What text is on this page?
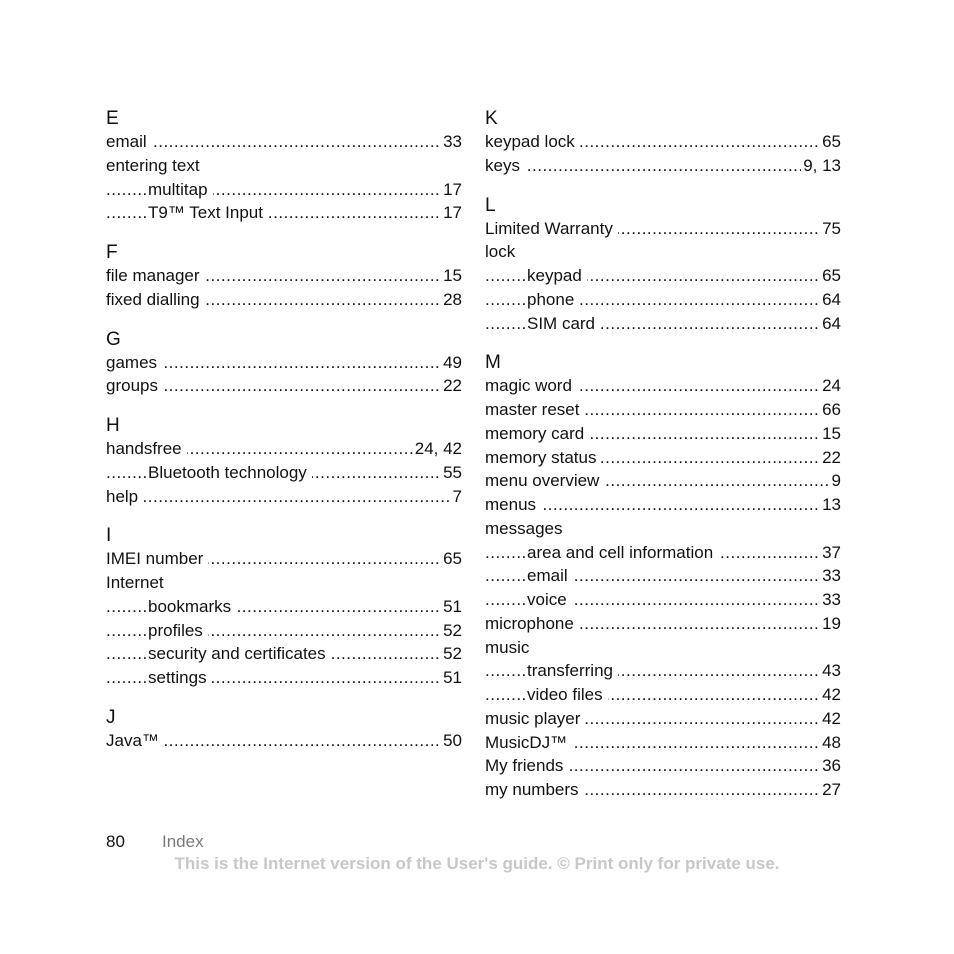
E
email	33
.....
entering text
multitap	17
.....
T9™ Text Input	17
.....
F
file manager	15
.....
fixed dialling	28
.....
G
games	49
.....
groups	22
.....
H
handsfree	24, 42
.....
Bluetooth technology	55
.....
help	7
.....
I
IMEI number	65
.....
Internet
bookmarks	51
.....
profiles	52
.....
security and certificates	52
.....
settings	51
.....
J
Java™	50
.....
K
keypad lock	65
.....
keys	9, 13
.....
L
Limited Warranty	75
.....
lock
keypad	65
.....
phone	64
.....
SIM card	64
.....
M
magic word	24
.....
master reset	66
.....
memory card	15
.....
memory status	22
.....
menu overview	9
.....
menus	13
.....
messages
area and cell information	37
.....
email	33
.....
voice	33
.....
microphone	19
.....
music
transferring	43
.....
video files	42
.....
music player	42
.....
MusicDJ™	48
.....
My friends	36
.....
my numbers	27
.....
80 Index
This is the Internet version of the User's guide. © Print only for private use.
